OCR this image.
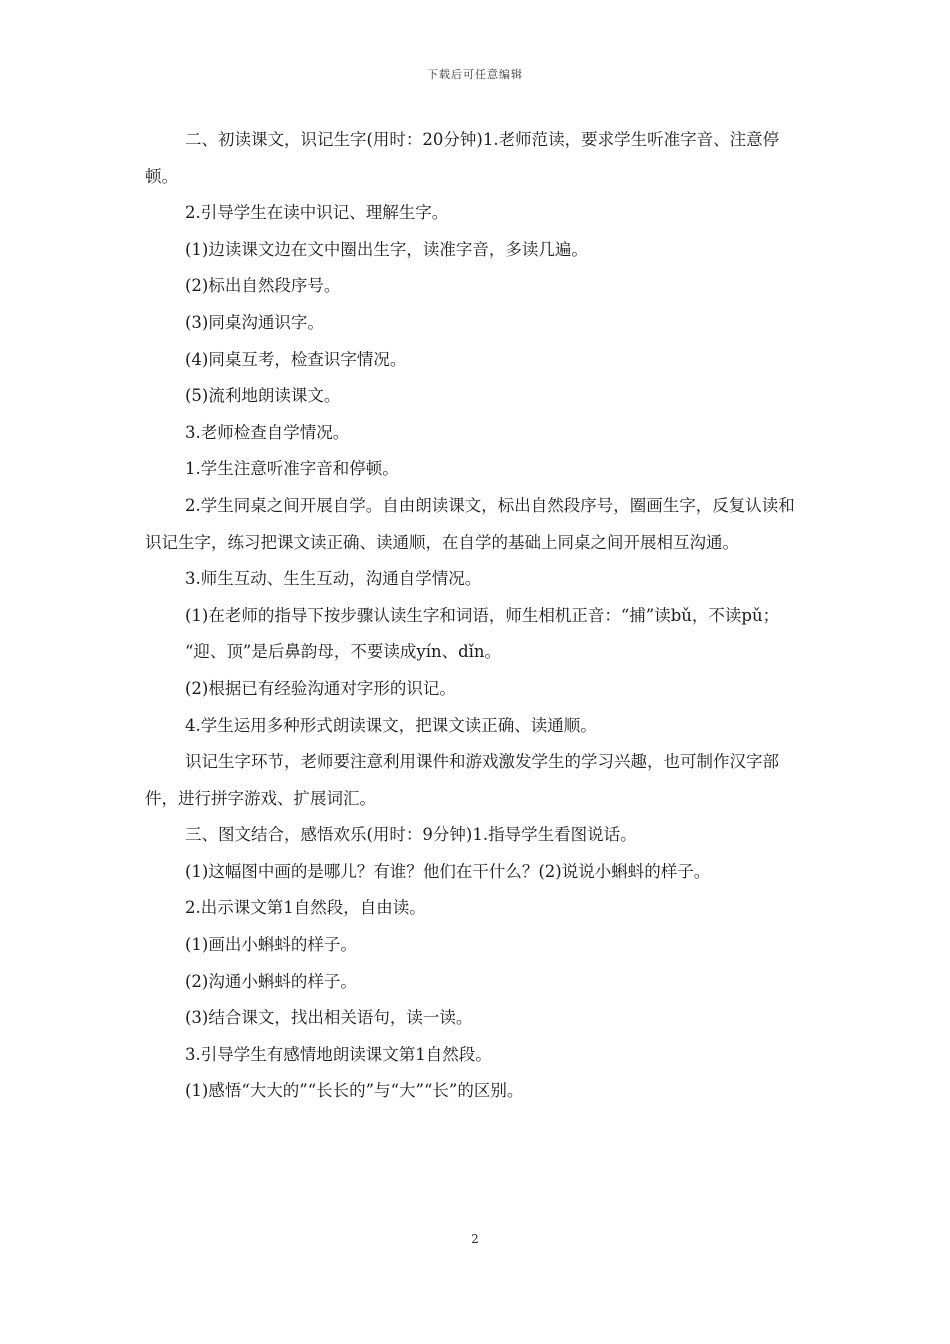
下载后可任意编辑

二、初读课文，识记生字(用时：20分钟)1.老师范读，要求学生听准字音、注意停顿。

2.引导学生在读中识记、理解生字。

(1)边读课文边在文中圈出生字，读准字音，多读几遍。

(2)标出自然段序号。

(3)同桌沟通识字。

(4)同桌互考，检查识字情况。

(5)流利地朗读课文。

3.老师检查自学情况。

1.学生注意听准字音和停顿。

2.学生同桌之间开展自学。自由朗读课文，标出自然段序号，圈画生字，反复认读和识记生字，练习把课文读正确、读通顺，在自学的基础上同桌之间开展相互沟通。

3.师生互动、生生互动，沟通自学情况。

(1)在老师的指导下按步骤认读生字和词语，师生相机正音：“捕”读bǔ，不读pǔ；

“迎、顶”是后鼻韵母，不要读成yín、dǐn。

(2)根据已有经验沟通对字形的识记。

4.学生运用多种形式朗读课文，把课文读正确、读通顺。

识记生字环节，老师要注意利用课件和游戏激发学生的学习兴趣，也可制作汉字部件，进行拼字游戏、扩展词汇。

三、图文结合，感悟欢乐(用时：9分钟)1.指导学生看图说话。

(1)这幅图中画的是哪儿？有谁？他们在干什么？(2)说说小蝌蚪的样子。

2.出示课文第1自然段，自由读。

(1)画出小蝌蚪的样子。

(2)沟通小蝌蚪的样子。

(3)结合课文，找出相关语句，读一读。

3.引导学生有感情地朗读课文第1自然段。

(1)感悟“大大的”“长长的”与“大”“长”的区别。

2
